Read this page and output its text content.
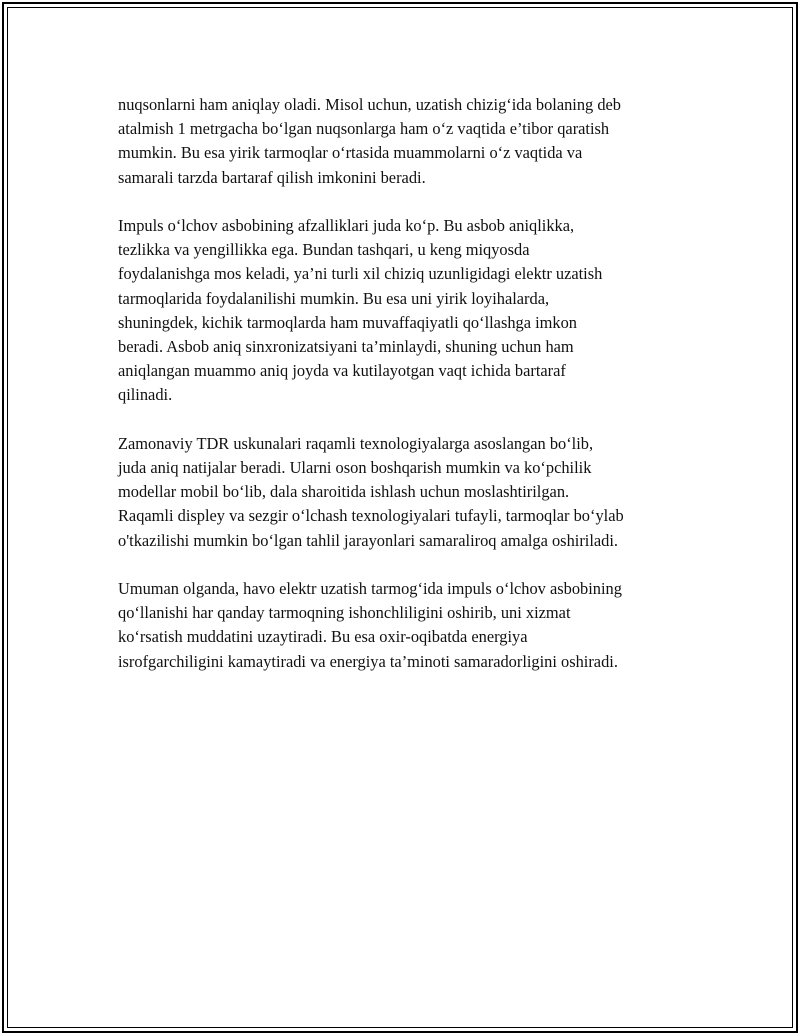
nuqsonlarni ham aniqlay oladi. Misol uchun, uzatish chizig‘ida bolaning deb
atalmish 1 metrgacha bo‘lgan nuqsonlarga ham o‘z vaqtida e’tibor qaratish
mumkin. Bu esa yirik tarmoqlar o‘rtasida muammolarni o‘z vaqtida va
samarali tarzda bartaraf qilish imkonini beradi.

Impuls o‘lchov asbobining afzalliklari juda ko‘p. Bu asbob aniqlikka,
tezlikka va yengillikka ega. Bundan tashqari, u keng miqyosda
foydalanishga mos keladi, ya’ni turli xil chiziq uzunligidagi elektr uzatish
tarmoqlarida foydalanilishi mumkin. Bu esa uni yirik loyihalarda,
shuningdek, kichik tarmoqlarda ham muvaffaqiyatli qo‘llashga imkon
beradi. Asbob aniq sinxronizatsiyani ta’minlaydi, shuning uchun ham
aniqlangan muammo aniq joyda va kutilayotgan vaqt ichida bartaraf
qilinadi.

Zamonaviy TDR uskunalari raqamli texnologiyalarga asoslangan bo‘lib,
juda aniq natijalar beradi. Ularni oson boshqarish mumkin va ko‘pchilik
modellar mobil bo‘lib, dala sharoitida ishlash uchun moslashtirilgan.
Raqamli displey va sezgir o‘lchash texnologiyalari tufayli, tarmoqlar bo‘ylab
o'tkazilishi mumkin bo‘lgan tahlil jarayonlari samaraliroq amalga oshiriladi.

Umuman olganda, havo elektr uzatish tarmog‘ida impuls o‘lchov asbobining
qo‘llanishi har qanday tarmoqning ishonchliligini oshirib, uni xizmat
ko‘rsatish muddatini uzaytiradi. Bu esa oxir-oqibatda energiya
isrofgarchiligini kamaytiradi va energiya ta’minoti samaradorligini oshiradi.
